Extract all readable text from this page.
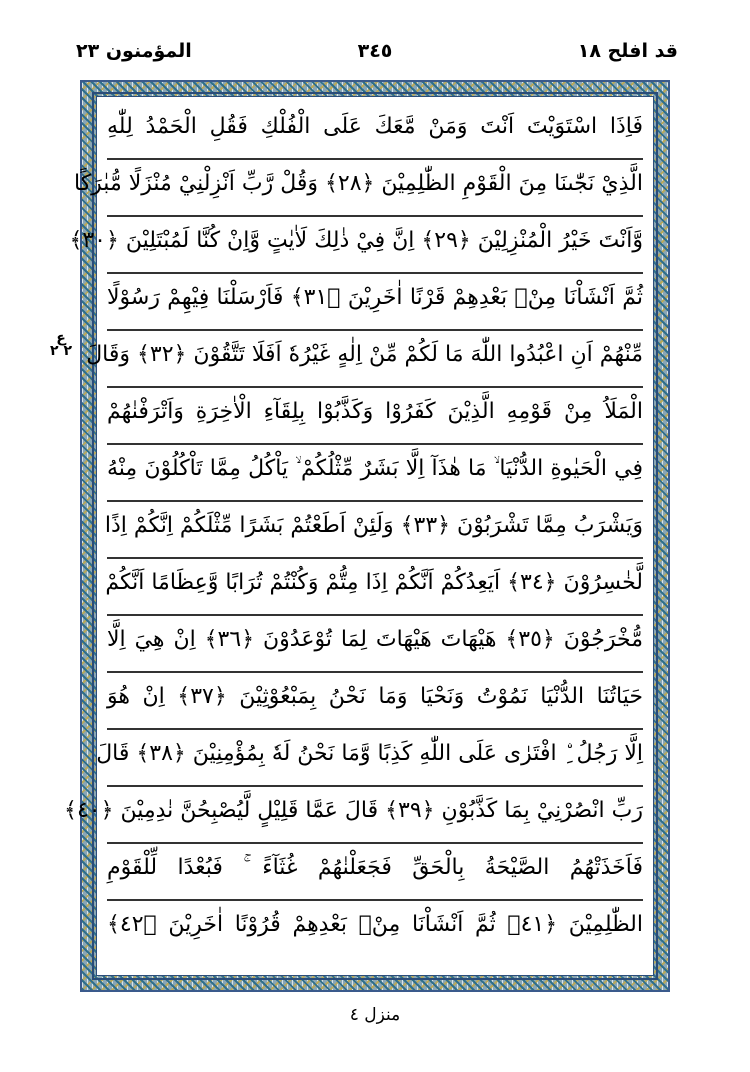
قد افلح ١٨
٣٤٥
المؤمنون ٢٣
ع ٢ ٢
فَاِذَا اسْتَوَيْتَ اَنْتَ وَمَنْ مَّعَكَ عَلَى الْفُلْكِ فَقُلِ الْحَمْدُ لِلّٰهِ
الَّذِيْ نَجّٰىنَا مِنَ الْقَوْمِ الظّٰلِمِيْنَ ﴿٢٨﴾ وَقُلْ رَّبِّ اَنْزِلْنِيْ مُنْزَلًا مُّبٰرَكًا
وَّاَنْتَ خَيْرُ الْمُنْزِلِيْنَ ﴿٢٩﴾ اِنَّ فِيْ ذٰلِكَ لَاٰيٰتٍ وَّاِنْ كُنَّا لَمُبْتَلِيْنَ ﴿٣٠﴾
ثُمَّ اَنْشَاْنَا مِنْۢ بَعْدِهِمْ قَرْنًا اٰخَرِيْنَ ﴿٣١﴾ فَاَرْسَلْنَا فِيْهِمْ رَسُوْلًا
مِّنْهُمْ اَنِ اعْبُدُوا اللّٰهَ مَا لَكُمْ مِّنْ اِلٰهٍ غَيْرُهٗ اَفَلَا تَتَّقُوْنَ ﴿٣٢﴾ وَقَالَ
الْمَلَاُ مِنْ قَوْمِهِ الَّذِيْنَ كَفَرُوْا وَكَذَّبُوْا بِلِقَآءِ الْاٰخِرَةِ وَاَتْرَفْنٰهُمْ
فِي الْحَيٰوةِ الدُّنْيَا ۙ مَا هٰذَآ اِلَّا بَشَرٌ مِّثْلُكُمْ ۙ يَاْكُلُ مِمَّا تَاْكُلُوْنَ مِنْهُ
وَيَشْرَبُ مِمَّا تَشْرَبُوْنَ ﴿٣٣﴾ وَلَئِنْ اَطَعْتُمْ بَشَرًا مِّثْلَكُمْ اِنَّكُمْ اِذًا
لَّخٰسِرُوْنَ ﴿٣٤﴾ اَيَعِدُكُمْ اَنَّكُمْ اِذَا مِتُّمْ وَكُنْتُمْ تُرَابًا وَّعِظَامًا اَنَّكُمْ
مُّخْرَجُوْنَ ﴿٣٥﴾ هَيْهَاتَ هَيْهَاتَ لِمَا تُوْعَدُوْنَ ﴿٣٦﴾ اِنْ هِيَ اِلَّا
حَيَاتُنَا الدُّنْيَا نَمُوْتُ وَنَحْيَا وَمَا نَحْنُ بِمَبْعُوْثِيْنَ ﴿٣٧﴾ اِنْ هُوَ
اِلَّا رَجُلُ ِۨ افْتَرٰى عَلَى اللّٰهِ كَذِبًا وَّمَا نَحْنُ لَهٗ بِمُؤْمِنِيْنَ ﴿٣٨﴾ قَالَ
رَبِّ انْصُرْنِيْ بِمَا كَذَّبُوْنِ ﴿٣٩﴾ قَالَ عَمَّا قَلِيْلٍ لَّيُصْبِحُنَّ نٰدِمِيْنَ ﴿٤٠﴾
فَاَخَذَتْهُمُ الصَّيْحَةُ بِالْحَقِّ فَجَعَلْنٰهُمْ غُثَآءً ۚ فَبُعْدًا لِّلْقَوْمِ
الظّٰلِمِيْنَ ﴿٤١﴾ ثُمَّ اَنْشَاْنَا مِنْۢ بَعْدِهِمْ قُرُوْنًا اٰخَرِيْنَ ﴿٤٢﴾
منزل ٤
